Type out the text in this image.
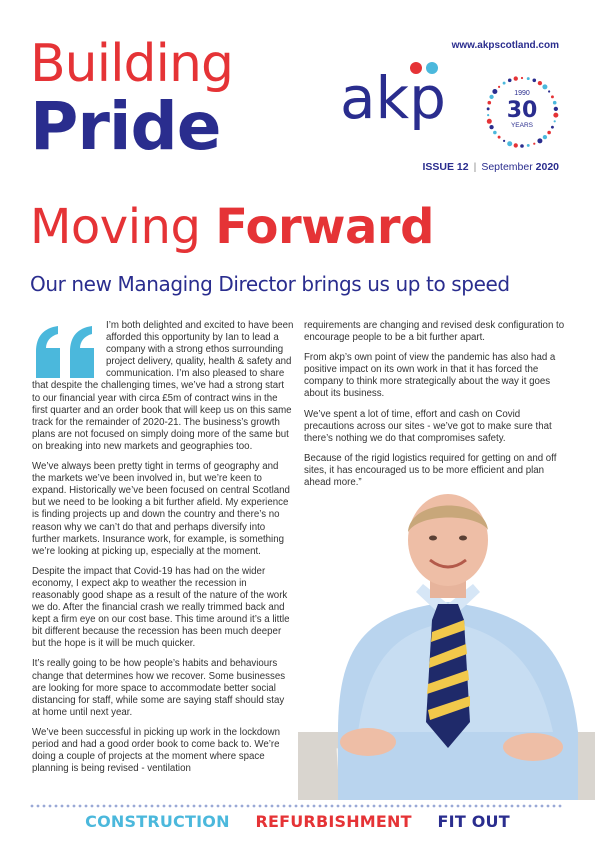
Building
Pride
www.akpscotland.com
akp	1990
30
YEARS
ISSUE 12 | September 2020
Moving Forward
Our new Managing Director brings us up to speed

I’m both delighted and excited to have been afforded this opportunity by Ian to lead a company with a strong ethos surrounding project delivery, quality, health & safety and communication. I’m also pleased to share that despite the challenging times, we’ve had a strong start to our financial year with circa £5m of contract wins in the first quarter and an order book that will keep us on this same track for the remainder of 2020-21. The business’s growth plans are not focused on simply doing more of the same but on breaking into new markets and geographies too.

We’ve always been pretty tight in terms of geography and the markets we’ve been involved in, but we’re keen to expand. Historically we’ve been focused on central Scotland but we need to be looking a bit further afield. My experience is finding projects up and down the country and there’s no reason why we can’t do that and perhaps diversify into further markets. Insurance work, for example, is something we’re looking at picking up, especially at the moment.

Despite the impact that Covid-19 has had on the wider economy, I expect akp to weather the recession in reasonably good shape as a result of the nature of the work we do. After the financial crash we really trimmed back and kept a firm eye on our cost base. This time around it’s a little bit different because the recession has been much deeper but the hope is it will be much quicker.

It’s really going to be how people’s habits and behaviours change that determines how we recover. Some businesses are looking for more space to accommodate better social distancing for staff, while some are saying staff should stay at home until next year.

We’ve been successful in picking up work in the lockdown period and had a good order book to come back to. We’re doing a couple of projects at the moment where space planning is being revised - ventilation

requirements are changing and revised desk configuration to encourage people to be a bit further apart.

From akp’s own point of view the pandemic has also had a positive impact on its own work in that it has forced the company to think more strategically about the way it goes about its business.

We’ve spent a lot of time, effort and cash on Covid precautions across our sites - we’ve got to make sure that there’s nothing we do that compromises safety.

Because of the rigid logistics required for getting on and off sites, it has encouraged us to be more efficient and plan ahead more.”

CONSTRUCTION REFURBISHMENT FIT OUT
